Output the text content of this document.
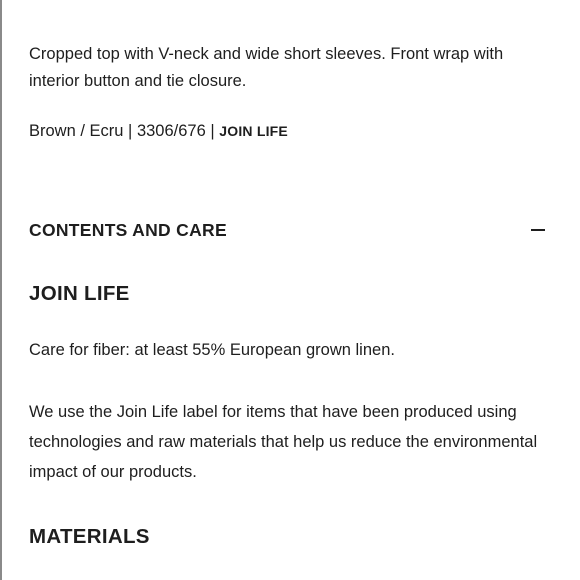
Cropped top with V-neck and wide short sleeves. Front wrap with interior button and tie closure.

Brown / Ecru | 3306/676 | JOIN LIFE

CONTENTS AND CARE
JOIN LIFE

Care for fiber: at least 55% European grown linen.

We use the Join Life label for items that have been produced using technologies and raw materials that help us reduce the environmental impact of our products.

MATERIALS
